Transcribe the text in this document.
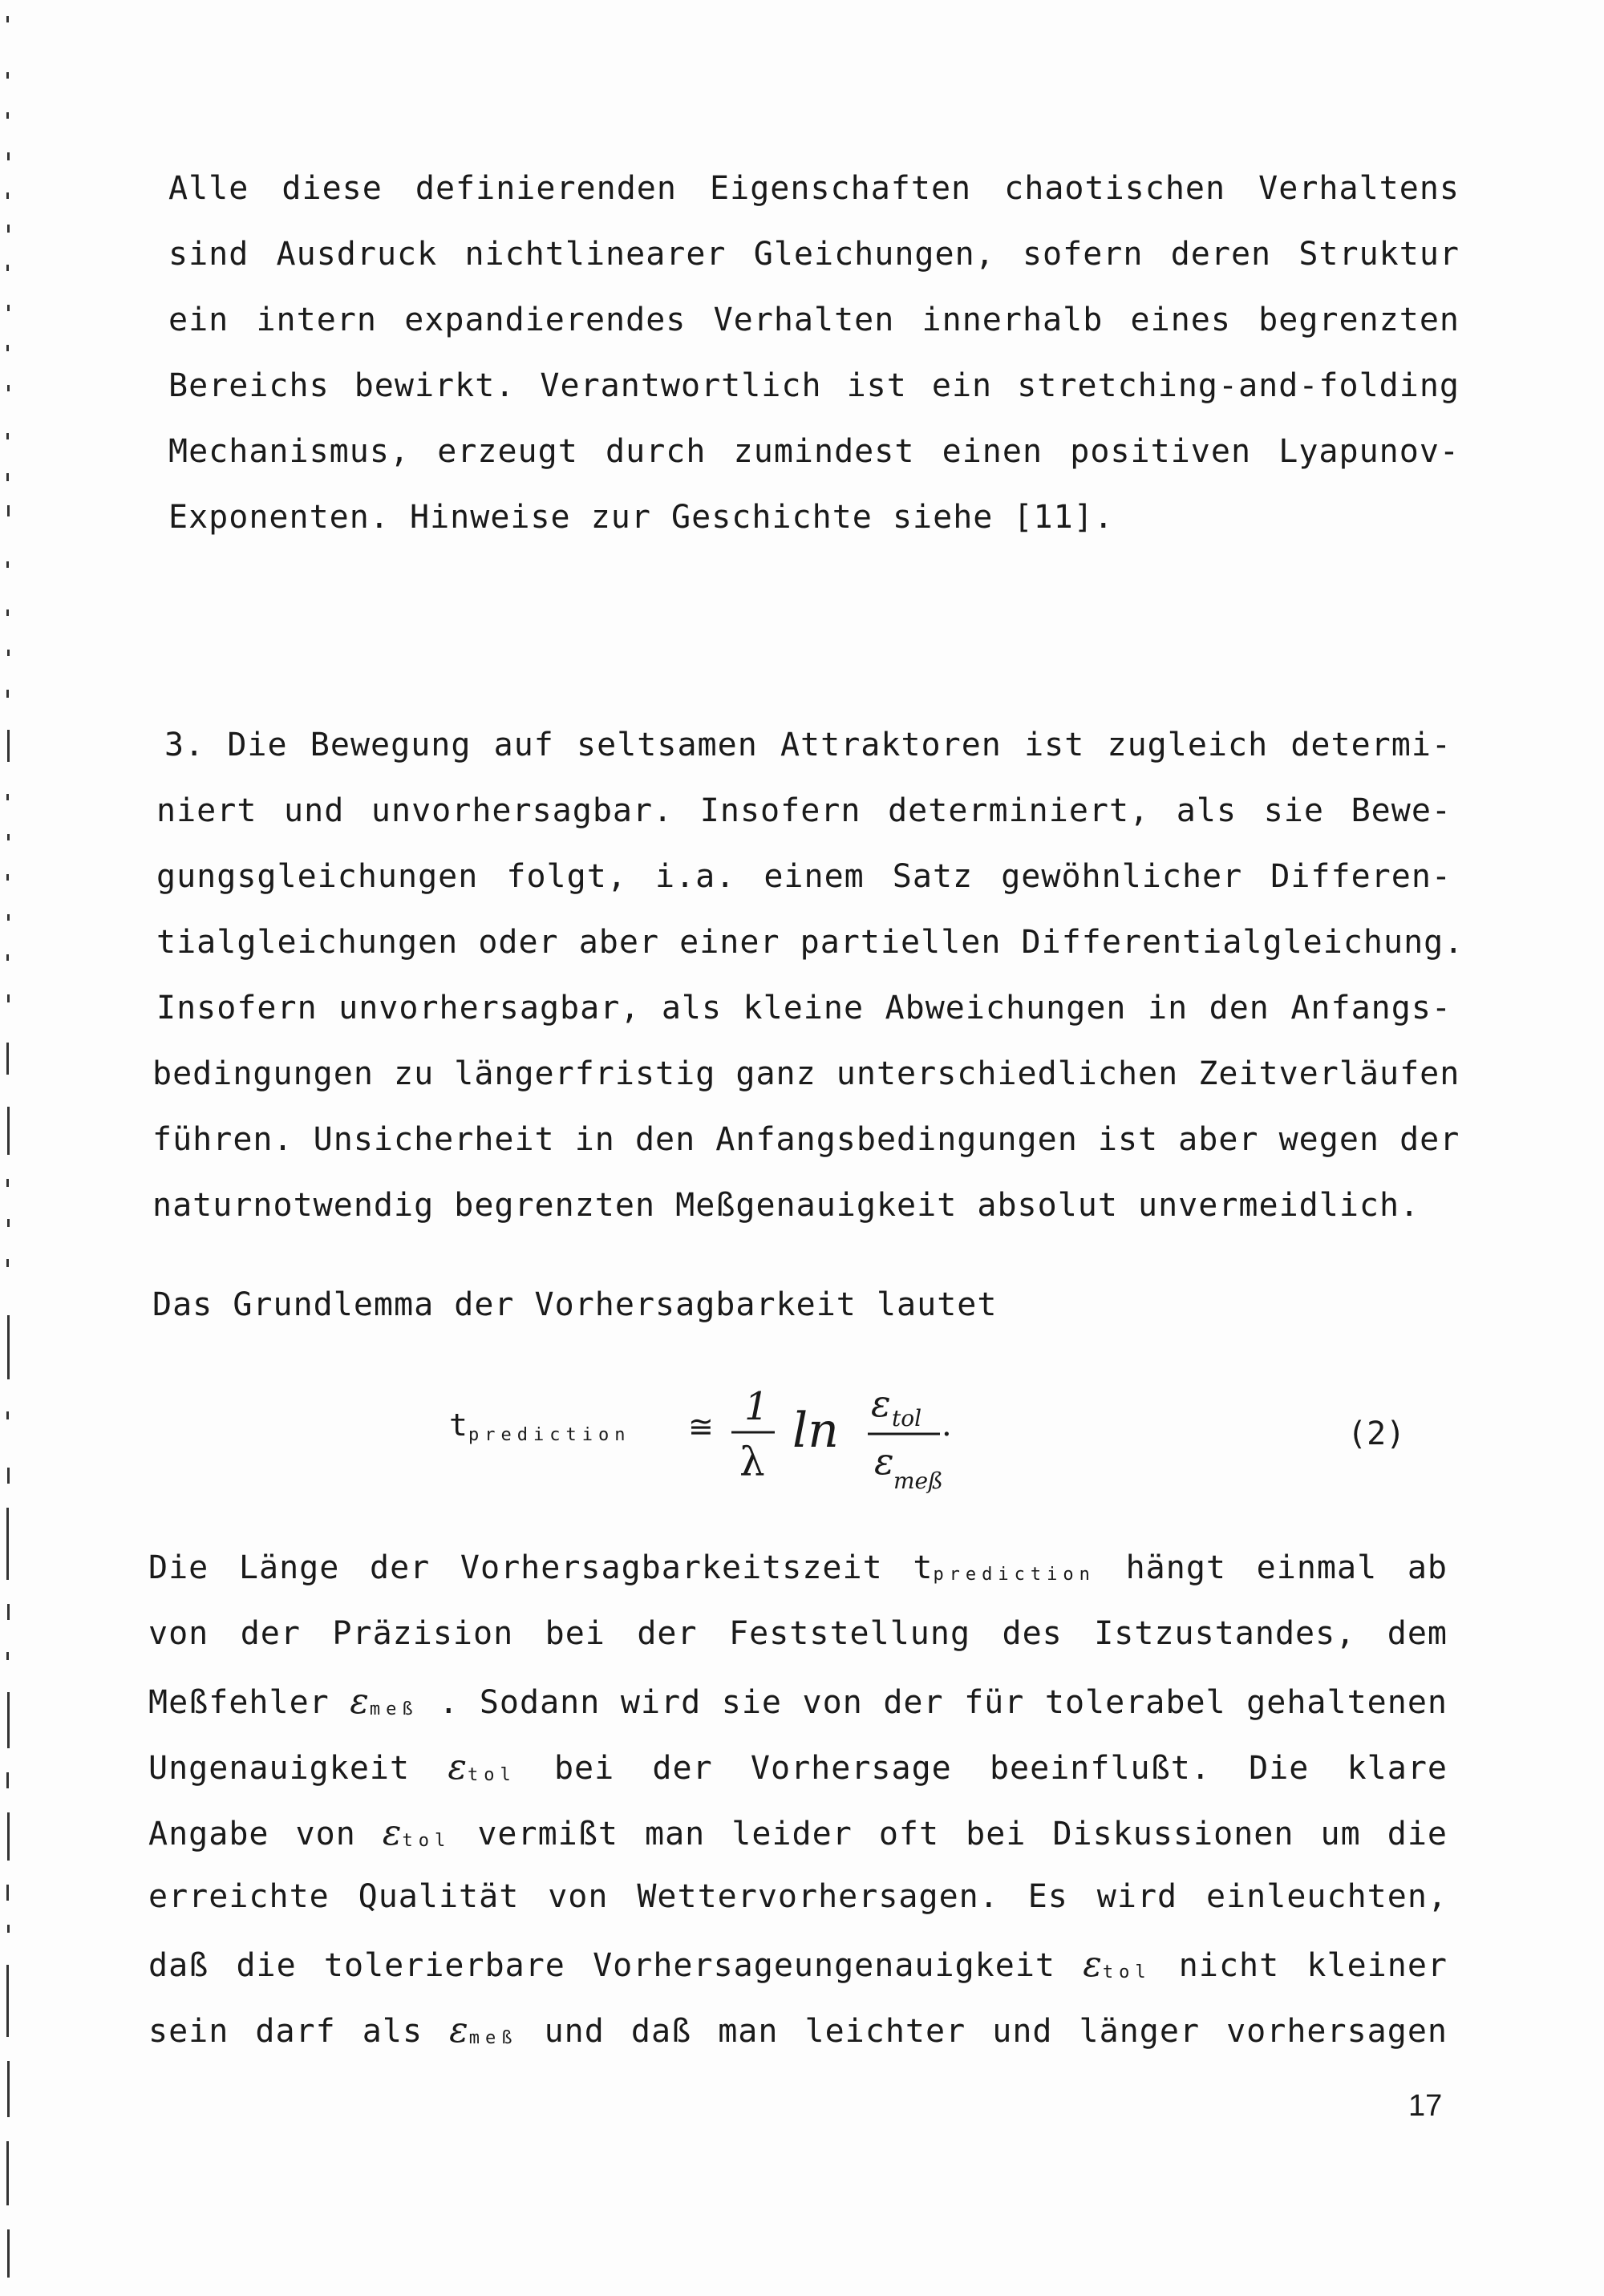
Alle diese definierenden Eigenschaften chaotischen Verhaltens
sind Ausdruck nichtlinearer Gleichungen, sofern deren Struktur
ein intern expandierendes Verhalten innerhalb eines begrenzten
Bereichs bewirkt. Verantwortlich ist ein stretching-and-folding
Mechanismus, erzeugt durch zumindest einen positiven Lyapunov-
Exponenten. Hinweise zur Geschichte siehe [11].
3. Die Bewegung auf seltsamen Attraktoren ist zugleich determi-
niert und unvorhersagbar. Insofern determiniert, als sie Bewe-
gungsgleichungen folgt, i.a. einem Satz gewöhnlicher Differen-
tialgleichungen oder aber einer partiellen Differentialgleichung.
Insofern unvorhersagbar, als kleine Abweichungen in den Anfangs-
bedingungen zu längerfristig ganz unterschiedlichen Zeitverläufen
führen. Unsicherheit in den Anfangsbedingungen ist aber wegen der
naturnotwendig begrenzten Meßgenauigkeit absolut unvermeidlich.
Das Grundlemma der Vorhersagbarkeit lautet
t prediction ≅ 1
λ
ln ε tol .
ε meß
(2)
Die Länge der Vorhersagbarkeitszeit tprediction hängt einmal ab
von der Präzision bei der Feststellung des Istzustandes, dem
Meßfehler εmeß . Sodann wird sie von der für tolerabel gehaltenen
Ungenauigkeit εtol bei der Vorhersage beeinflußt. Die klare
Angabe von εtol vermißt man leider oft bei Diskussionen um die
erreichte Qualität von Wettervorhersagen. Es wird einleuchten,
daß die tolerierbare Vorhersageungenauigkeit εtol nicht kleiner
sein darf als εmeß und daß man leichter und länger vorhersagen
17
